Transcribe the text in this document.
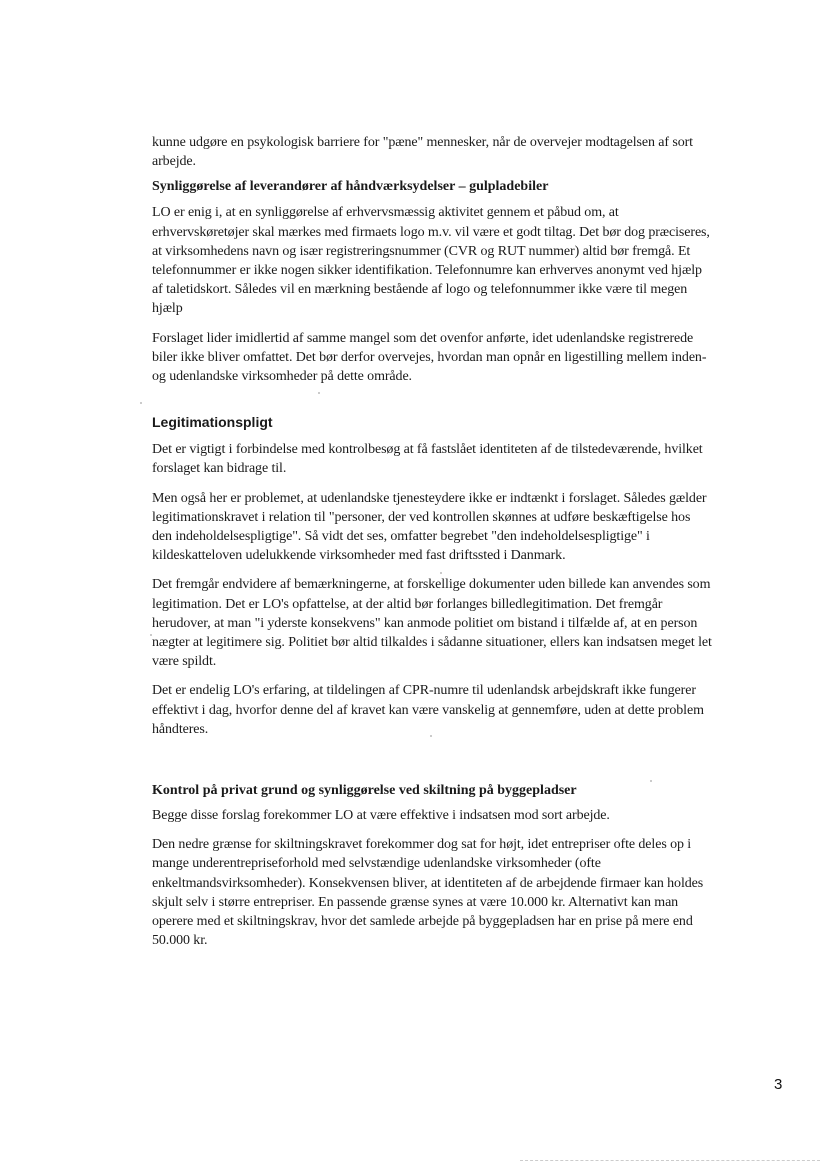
kunne udgøre en psykologisk barriere for "pæne" mennesker, når de overvejer modtagelsen af sort arbejde.

Synliggørelse af leverandører af håndværksydelser – gulpladebiler

LO er enig i, at en synliggørelse af erhvervsmæssig aktivitet gennem et påbud om, at erhvervskøretøjer skal mærkes med firmaets logo m.v. vil være et godt tiltag. Det bør dog præciseres, at virksomhedens navn og især registreringsnummer (CVR og RUT nummer) altid bør fremgå. Et telefonnummer er ikke nogen sikker identifikation. Telefonnumre kan erhverves anonymt ved hjælp af taletidskort. Således vil en mærkning bestående af logo og telefonnummer ikke være til megen hjælp

Forslaget lider imidlertid af samme mangel som det ovenfor anførte, idet udenlandske registrerede biler ikke bliver omfattet. Det bør derfor overvejes, hvordan man opnår en ligestilling mellem inden- og udenlandske virksomheder på dette område.

Legitimationspligt

Det er vigtigt i forbindelse med kontrolbesøg at få fastslået identiteten af de tilstedeværende, hvilket forslaget kan bidrage til.

Men også her er problemet, at udenlandske tjenesteydere ikke er indtænkt i forslaget. Således gælder legitimationskravet i relation til "personer, der ved kontrollen skønnes at udføre beskæftigelse hos den indeholdelsespligtige". Så vidt det ses, omfatter begrebet "den indeholdelsespligtige" i kildeskatteloven udelukkende virksomheder med fast driftssted i Danmark.

Det fremgår endvidere af bemærkningerne, at forskellige dokumenter uden billede kan anvendes som legitimation. Det er LO's opfattelse, at der altid bør forlanges billedlegitimation. Det fremgår herudover, at man "i yderste konsekvens" kan anmode politiet om bistand i tilfælde af, at en person nægter at legitimere sig. Politiet bør altid tilkaldes i sådanne situationer, ellers kan indsatsen meget let være spildt.

Det er endelig LO's erfaring, at tildelingen af CPR-numre til udenlandsk arbejdskraft ikke fungerer effektivt i dag, hvorfor denne del af kravet kan være vanskelig at gennemføre, uden at dette problem håndteres.

Kontrol på privat grund og synliggørelse ved skiltning på byggepladser

Begge disse forslag forekommer LO at være effektive i indsatsen mod sort arbejde.

Den nedre grænse for skiltningskravet forekommer dog sat for højt, idet entrepriser ofte deles op i mange underentrepriseforhold med selvstændige udenlandske virksomheder (ofte enkeltmandsvirksomheder). Konsekvensen bliver, at identiteten af de arbejdende firmaer kan holdes skjult selv i større entrepriser. En passende grænse synes at være 10.000 kr. Alternativt kan man operere med et skiltningskrav, hvor det samlede arbejde på byggepladsen har en prise på mere end 50.000 kr.

3
